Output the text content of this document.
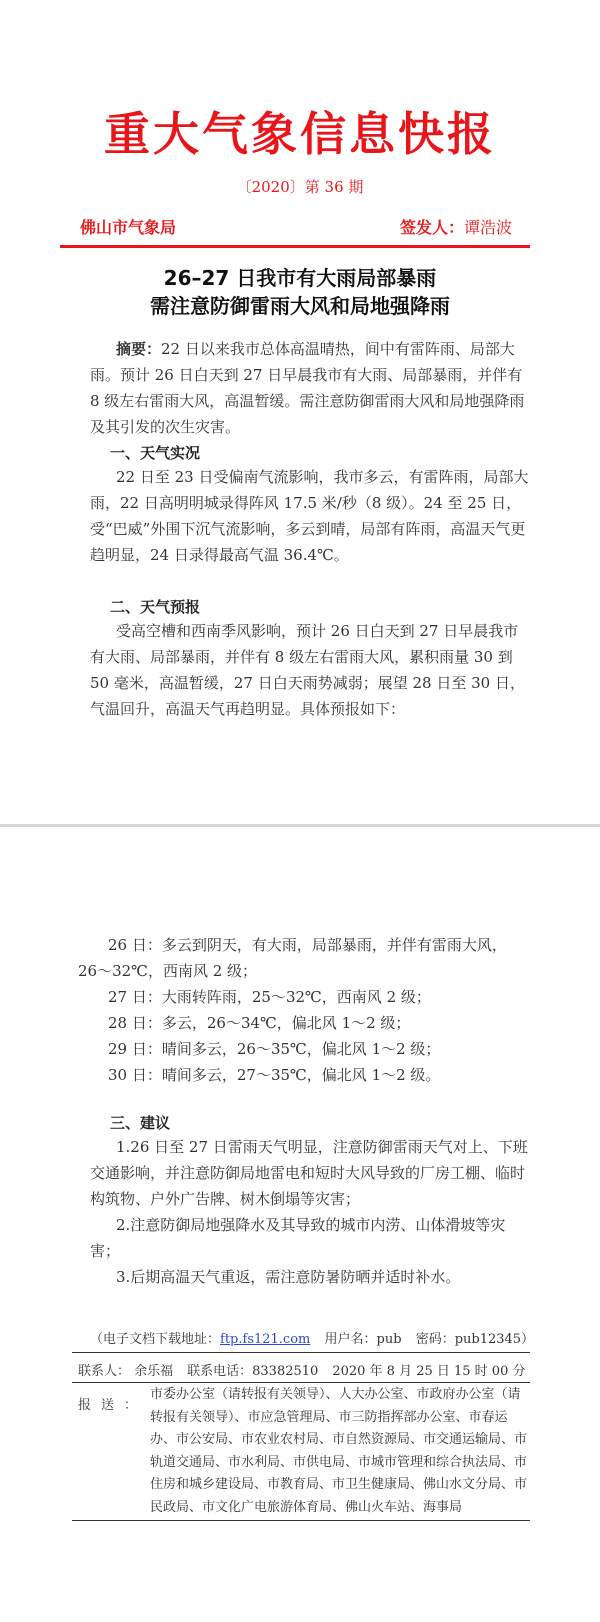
重大气象信息快报
〔2020〕第 36 期
佛山市气象局	签发人：谭浩波
26–27 日我市有大雨局部暴雨
需注意防御雷雨大风和局地强降雨
摘要：22 日以来我市总体高温晴热，间中有雷阵雨、局部大雨。预计 26 日白天到 27 日早晨我市有大雨、局部暴雨，并伴有 8 级左右雷雨大风，高温暂缓。需注意防御雷雨大风和局地强降雨及其引发的次生灾害。
一、天气实况
22 日至 23 日受偏南气流影响，我市多云，有雷阵雨，局部大雨，22 日高明明城录得阵风 17.5 米/秒（8 级）。24 至 25 日，受“巴威”外围下沉气流影响，多云到晴，局部有阵雨，高温天气更趋明显，24 日录得最高气温 36.4℃。
二、天气预报
受高空槽和西南季风影响，预计 26 日白天到 27 日早晨我市有大雨、局部暴雨，并伴有 8 级左右雷雨大风，累积雨量 30 到 50 毫米，高温暂缓，27 日白天雨势减弱；展望 28 日至 30 日，气温回升，高温天气再趋明显。具体预报如下：
26 日：多云到阴天，有大雨，局部暴雨，并伴有雷雨大风，
26～32℃，西南风 2 级；
27 日：大雨转阵雨，25～32℃，西南风 2 级；
28 日：多云，26～34℃，偏北风 1～2 级；
29 日：晴间多云，26～35℃，偏北风 1～2 级；
30 日：晴间多云，27～35℃，偏北风 1～2 级。
三、建议
1.26 日至 27 日雷雨天气明显，注意防御雷雨天气对上、下班交通影响，并注意防御局地雷电和短时大风导致的厂房工棚、临时构筑物、户外广告牌、树木倒塌等灾害；
2.注意防御局地强降水及其导致的城市内涝、山体滑坡等灾害；
3.后期高温天气重返，需注意防暑防晒并适时补水。
（电子文档下载地址：ftp.fs121.com 用户名：pub 密码：pub12345）
联系人： 余乐福 联系电话：83382510 2020 年 8 月 25 日 15 时 00 分
报送：
市委办公室（请转报有关领导）、人大办公室、市政府办公室（请转报有关领导）、市应急管理局、市三防指挥部办公室、市春运办、市公安局、市农业农村局、市自然资源局、市交通运输局、市轨道交通局、市水利局、市供电局、市城市管理和综合执法局、市住房和城乡建设局、市教育局、市卫生健康局、佛山水文分局、市民政局、市文化广电旅游体育局、佛山火车站、海事局
